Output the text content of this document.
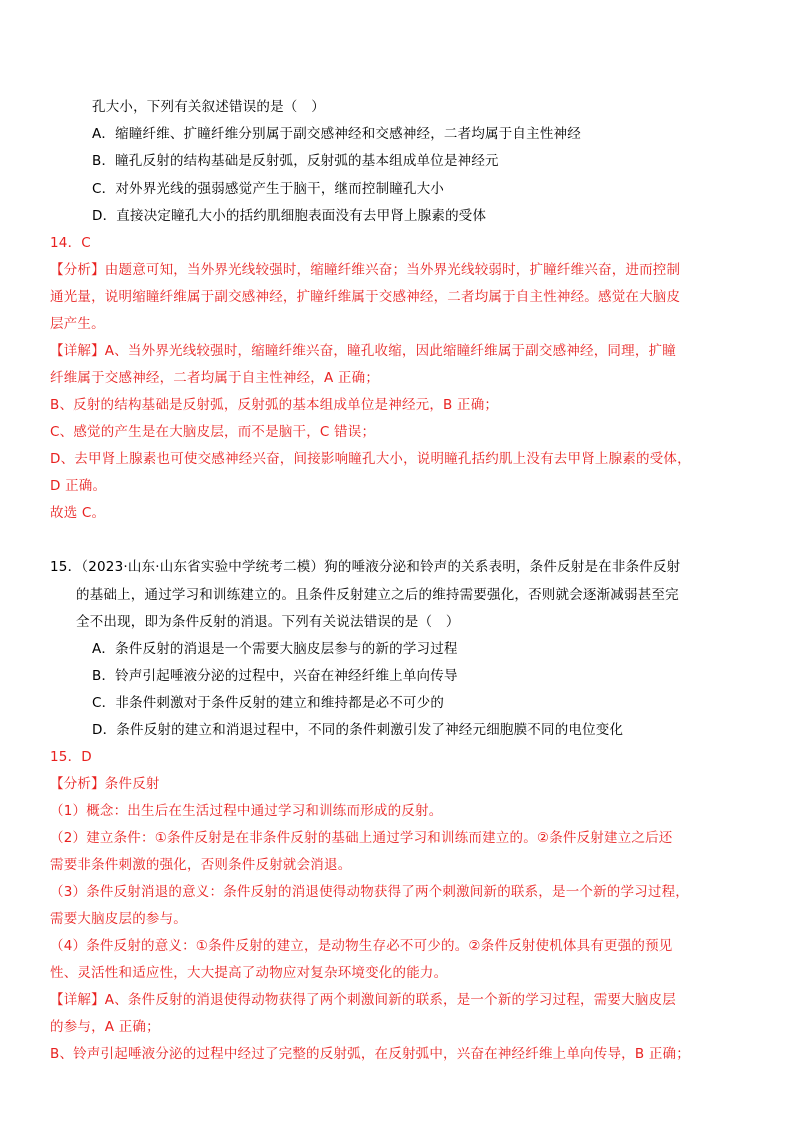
孔大小，下列有关叙述错误的是（　）
A．缩瞳纤维、扩瞳纤维分别属于副交感神经和交感神经，二者均属于自主性神经
B．瞳孔反射的结构基础是反射弧，反射弧的基本组成单位是神经元
C．对外界光线的强弱感觉产生于脑干，继而控制瞳孔大小
D．直接决定瞳孔大小的括约肌细胞表面没有去甲肾上腺素的受体
14．C
【分析】由题意可知，当外界光线较强时，缩瞳纤维兴奋；当外界光线较弱时，扩瞳纤维兴奋，进而控制
通光量，说明缩瞳纤维属于副交感神经，扩瞳纤维属于交感神经，二者均属于自主性神经。感觉在大脑皮
层产生。
【详解】A、当外界光线较强时，缩瞳纤维兴奋，瞳孔收缩，因此缩瞳纤维属于副交感神经，同理，扩瞳
纤维属于交感神经，二者均属于自主性神经，A 正确；
B、反射的结构基础是反射弧，反射弧的基本组成单位是神经元，B 正确；
C、感觉的产生是在大脑皮层，而不是脑干，C 错误；
D、去甲肾上腺素也可使交感神经兴奋，间接影响瞳孔大小，说明瞳孔括约肌上没有去甲肾上腺素的受体，
D 正确。
故选 C。
15．（2023·山东·山东省实验中学统考二模）狗的唾液分泌和铃声的关系表明，条件反射是在非条件反射
的基础上，通过学习和训练建立的。且条件反射建立之后的维持需要强化，否则就会逐渐减弱甚至完
全不出现，即为条件反射的消退。下列有关说法错误的是（　）
A．条件反射的消退是一个需要大脑皮层参与的新的学习过程
B．铃声引起唾液分泌的过程中，兴奋在神经纤维上单向传导
C．非条件刺激对于条件反射的建立和维持都是必不可少的
D．条件反射的建立和消退过程中，不同的条件刺激引发了神经元细胞膜不同的电位变化
15．D
【分析】条件反射
（1）概念：出生后在生活过程中通过学习和训练而形成的反射。
（2）建立条件：①条件反射是在非条件反射的基础上通过学习和训练而建立的。②条件反射建立之后还
需要非条件刺激的强化，否则条件反射就会消退。
（3）条件反射消退的意义：条件反射的消退使得动物获得了两个刺激间新的联系，是一个新的学习过程，
需要大脑皮层的参与。
（4）条件反射的意义：①条件反射的建立，是动物生存必不可少的。②条件反射使机体具有更强的预见
性、灵活性和适应性，大大提高了动物应对复杂环境变化的能力。
【详解】A、条件反射的消退使得动物获得了两个刺激间新的联系，是一个新的学习过程，需要大脑皮层
的参与，A 正确；
B、铃声引起唾液分泌的过程中经过了完整的反射弧，在反射弧中，兴奋在神经纤维上单向传导，B 正确；
